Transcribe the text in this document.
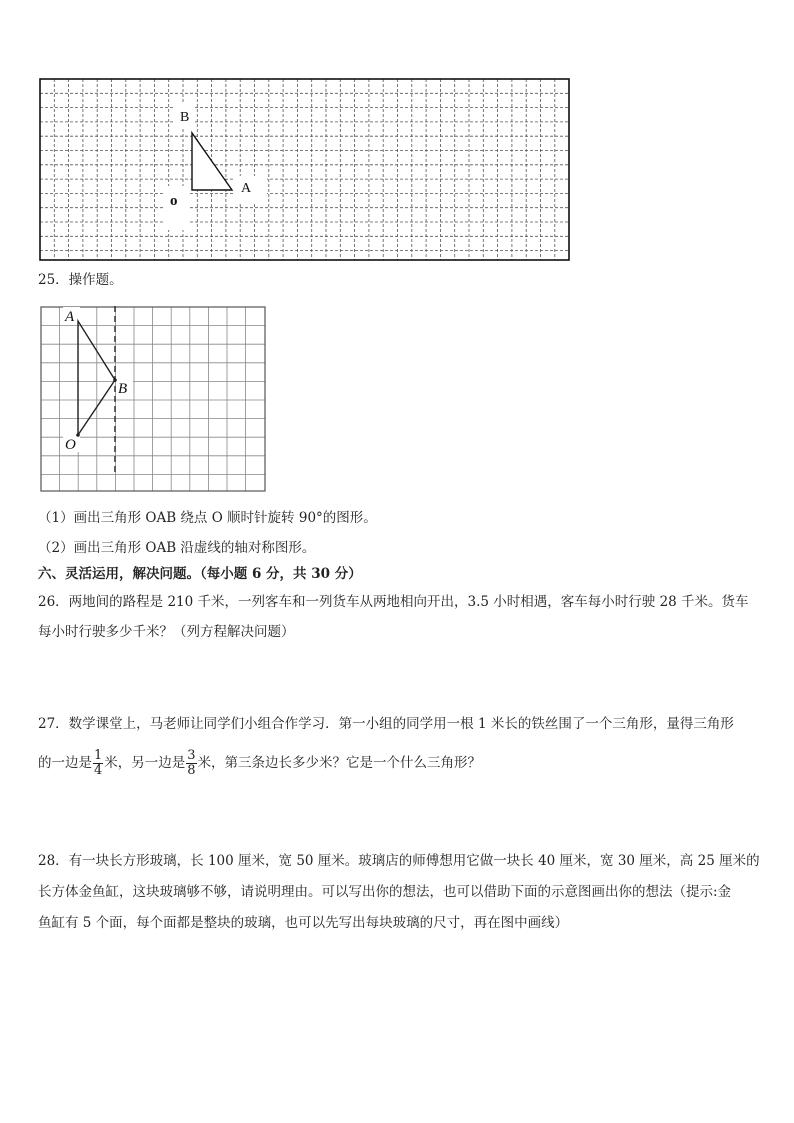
B
A
o
25．操作题。
A
B
O
（1）画出三角形 OAB 绕点 O 顺时针旋转 90°的图形。
（2）画出三角形 OAB 沿虚线的轴对称图形。
六、灵活运用，解决问题。（每小题 6 分，共 30 分）
26．两地间的路程是 210 千米，一列客车和一列货车从两地相向开出，3.5 小时相遇，客车每小时行驶 28 千米。货车
每小时行驶多少千米？（列方程解决问题）
27．数学课堂上，马老师让同学们小组合作学习．第一小组的同学用一根 1 米长的铁丝围了一个三角形，量得三角形
的一边是 $\frac{1}{4}$ 米，另一边是 $\frac{3}{8}$ 米，第三条边长多少米？它是一个什么三角形？
28．有一块长方形玻璃，长 100 厘米，宽 50 厘米。玻璃店的师傅想用它做一块长 40 厘米，宽 30 厘米，高 25 厘米的
长方体金鱼缸，这块玻璃够不够，请说明理由。可以写出你的想法，也可以借助下面的示意图画出你的想法（提示:金
鱼缸有 5 个面，每个面都是整块的玻璃，也可以先写出每块玻璃的尺寸，再在图中画线）
